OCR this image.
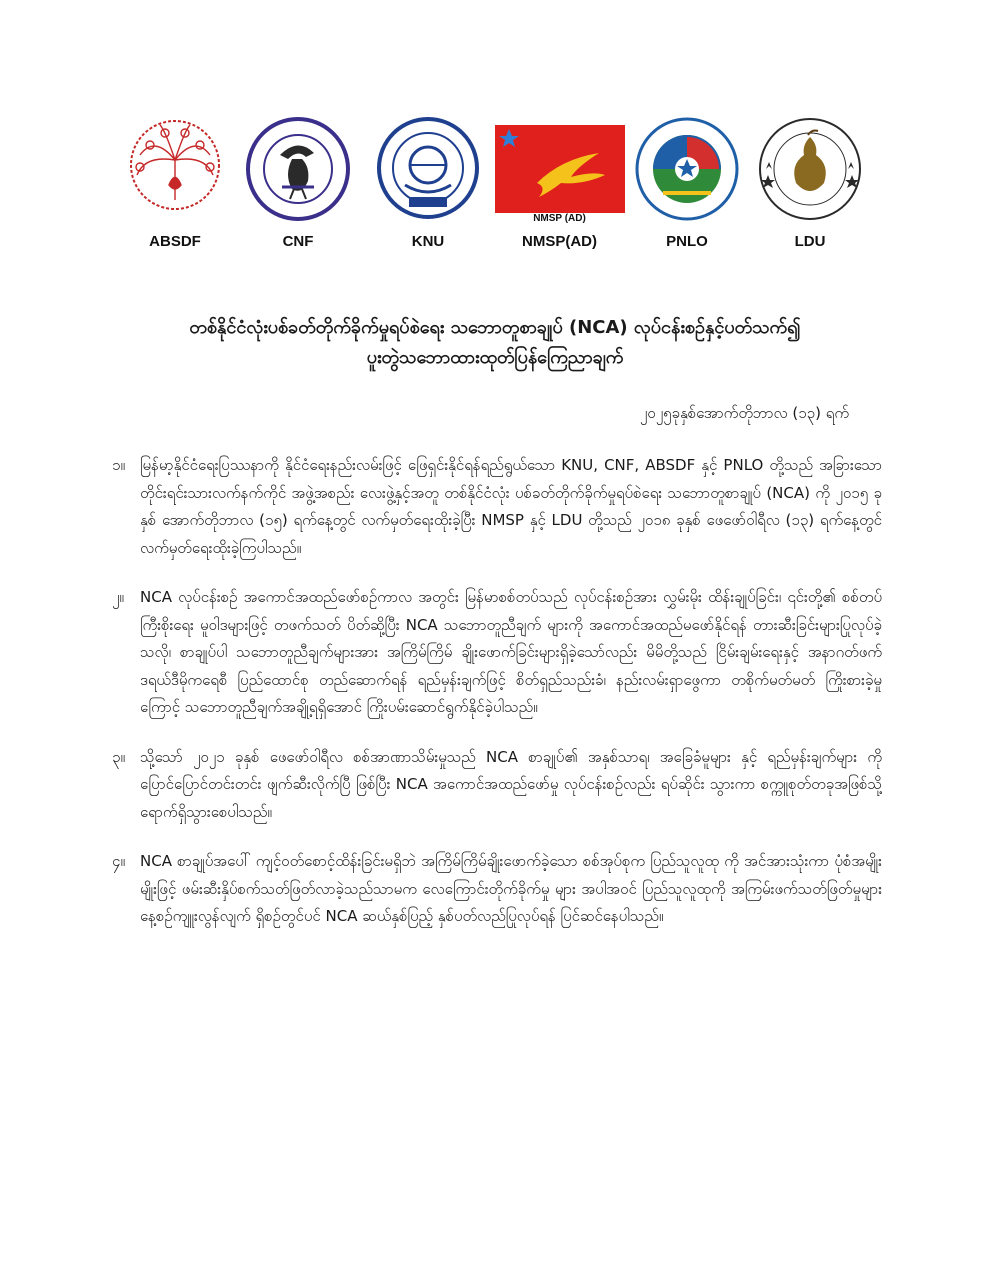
ABSDF	CNF	KNU
NMSP (AD)
NMSP(AD)	PNLO	LDU
တစ်နိုင်ငံလုံးပစ်ခတ်တိုက်ခိုက်မှုရပ်စဲရေး သဘောတူစာချုပ် (NCA) လုပ်ငန်းစဉ်နှင့်ပတ်သက်၍
ပူးတွဲသဘောထားထုတ်ပြန်ကြေညာချက်
၂၀၂၅ခုနှစ်အောက်တိုဘာလ (၁၃) ရက်
၁။ မြန်မာ့နိုင်ငံရေးပြဿနာကို နိုင်ငံရေးနည်းလမ်းဖြင့် ဖြေရှင်းနိုင်ရန်ရည်ရွယ်သော KNU, CNF, ABSDF နှင့် PNLO တို့သည် အခြားသော တိုင်းရင်းသားလက်နက်ကိုင် အဖွဲ့အစည်း လေးဖွဲ့နှင့်အတူ တစ်နိုင်ငံလုံး ပစ်ခတ်တိုက်ခိုက်မှုရပ်စဲရေး သဘောတူစာချုပ် (NCA) ကို ၂၀၁၅ ခုနှစ် အောက်တိုဘာလ (၁၅) ရက်နေ့တွင် လက်မှတ်ရေးထိုးခဲ့ပြီး NMSP နှင့် LDU တို့သည် ၂၀၁၈ ခုနှစ် ဖေဖော်ဝါရီလ (၁၃) ရက်နေ့တွင် လက်မှတ်ရေးထိုးခဲ့ကြပါသည်။
၂။ NCA လုပ်ငန်းစဉ် အကောင်အထည်ဖော်စဉ်ကာလ အတွင်း မြန်မာစစ်တပ်သည် လုပ်ငန်းစဉ်အား လွှမ်းမိုး ထိန်းချုပ်ခြင်း၊ ၎င်းတို့၏ စစ်တပ်ကြီးစိုးရေး မူဝါဒများဖြင့် တဖက်သတ် ပိတ်ဆို့ပြီး NCA သဘောတူညီချက် များကို အကောင်အထည်မဖော်နိုင်ရန် တားဆီးခြင်းများပြုလုပ်ခဲ့သလို၊ စာချုပ်ပါ သဘောတူညီချက်များအား အကြိမ်ကြိမ် ချိုးဖောက်ခြင်းများရှိခဲ့သော်လည်း မိမိတို့သည် ငြိမ်းချမ်းရေးနှင့် အနာဂတ်ဖက်ဒရယ်ဒီမိုကရေစီ ပြည်ထောင်စု တည်ဆောက်ရန် ရည်မှန်းချက်ဖြင့် စိတ်ရှည်သည်းခံ၊ နည်းလမ်းရှာဖွေကာ တစိုက်မတ်မတ် ကြိုးစားခဲ့မှုကြောင့် သဘောတူညီချက်အချို့ရရှိအောင် ကြိုးပမ်းဆောင်ရွက်နိုင်ခဲ့ပါသည်။
၃။ သို့သော် ၂၀၂၁ ခုနှစ် ဖေဖော်ဝါရီလ စစ်အာဏာသိမ်းမှုသည် NCA စာချုပ်၏ အနှစ်သာရ၊ အခြေခံမူများ နှင့် ရည်မှန်းချက်များ ကို ပြောင်ပြောင်တင်းတင်း ဖျက်ဆီးလိုက်ပြီ ဖြစ်ပြီး NCA အကောင်အထည်ဖော်မှု လုပ်ငန်းစဉ်လည်း ရပ်ဆိုင်း သွားကာ စက္ကူစုတ်တခုအဖြစ်သို့ ရောက်ရှိသွားစေပါသည်။
၄။ NCA စာချုပ်အပေါ် ကျင့်ဝတ်စောင့်ထိန်းခြင်းမရှိဘဲ အကြိမ်ကြိမ်ချိုးဖောက်ခဲ့သော စစ်အုပ်စုက ပြည်သူလူထု ကို အင်အားသုံးကာ ပုံစံအမျိုးမျိုးဖြင့် ဖမ်းဆီးနှိပ်စက်သတ်ဖြတ်လာခဲ့သည်သာမက လေကြောင်းတိုက်ခိုက်မှု များ အပါအဝင် ပြည်သူလူထုကို အကြမ်းဖက်သတ်ဖြတ်မှုများ နေ့စဉ်ကျူးလွန်လျက် ရှိစဉ်တွင်ပင် NCA ဆယ်နှစ်ပြည့် နှစ်ပတ်လည်ပြုလုပ်ရန် ပြင်ဆင်နေပါသည်။
